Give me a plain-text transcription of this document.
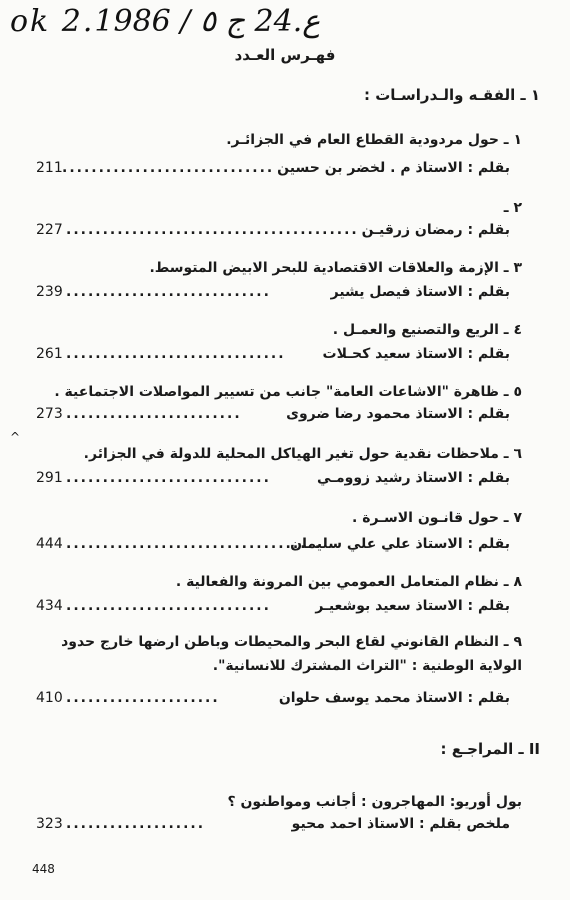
ok 2.ع.24 ج ٥ / 1986
فهـرس العـدد
١ ـ الفقـه والـدراسـات :
١ ـ حول مردودية القطاع العام في الجزائـر.
بقلم : الاستاذ م . لخضر بن حسين
.............................
211
٢ ـ
بقلم : رمضان زرقيـن
........................................
227
٣ ـ الإزمة والعلاقات الاقتصادية للبحر الابيض المتوسط.
بقلم : الاستاذ فيصل يشير
............................
239
٤ ـ الريع والتصنيع والعمـل .
بقلم : الاستاذ سعيد كحـلات
..............................
261
٥ ـ ظاهرة "الاشاعات العامة" جانب من تسيير المواصلات الاجتماعية .
بقلم : الاستاذ محمود رضا ضروى
........................
273
٦ ـ ملاحظات نقدية حول تغير الهياكل المحلية للدولة في الجزائر.
بقلم : الاستاذ رشيد زوومـي
............................
291
٧ ـ حول قانـون الاسـرة .
بقلم : الاستاذ علي علي سليمان
...................................
444
٨ ـ نظام المتعامل العمومي بين المرونة والفعالية .
بقلم : الاستاذ سعيد بوشعيـر
............................
434
٩ ـ النظام القانوني لقاع البحر والمحيطات وباطن ارضها خارج حدود الولاية الوطنية : "التراث المشترك للانسانية".
بقلم : الاستاذ محمد يوسف حلوان
.....................
410
II ـ المراجـع :
بول أوريو: المهاجرون : أجانب ومواطنون ؟
ملخص بقلم : الاستاذ احمد محيو
...................
323
448
^
